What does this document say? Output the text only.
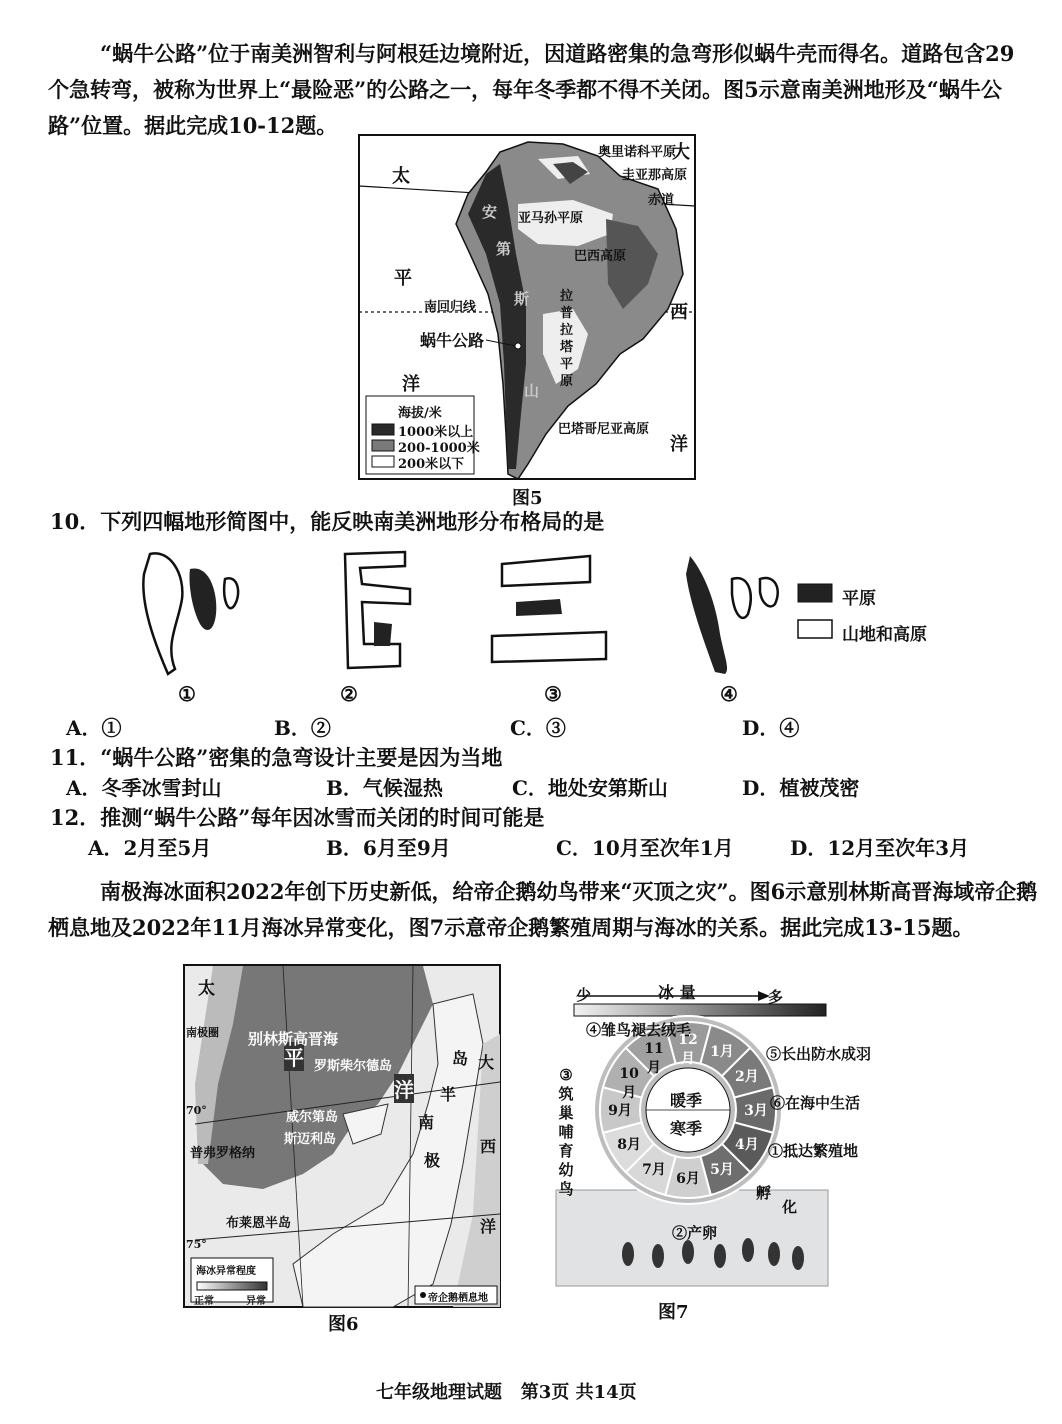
“蜗牛公路”位于南美洲智利与阿根廷边境附近，因道路密集的急弯形似蜗牛壳而得名。道路包含29个急转弯，被称为世界上“最险恶”的公路之一，每年冬季都不得不关闭。图5示意南美洲地形及“蜗牛公路”位置。据此完成10-12题。
奥里诺科平原
圭亚那高原
赤道
亚马孙平原
巴西高原
南回归线
蜗牛公路
拉普拉塔平原
巴塔哥尼亚高原
太
平
洋
大
西
洋
安
第
斯
山
海拔/米
1000米以上
200-1000米
200米以下
图5
10．下列四幅地形简图中，能反映南美洲地形分布格局的是
平原
山地和高原
①	②	③	④
A．①	B．②	C．③	D．④
11．“蜗牛公路”密集的急弯设计主要是因为当地
A．冬季冰雪封山	B．气候湿热	C．地处安第斯山	D．植被茂密
12．推测“蜗牛公路”每年因冰雪而关闭的时间可能是
A．2月至5月	B．6月至9月	C．10月至次年1月	D．12月至次年3月
南极海冰面积2022年创下历史新低，给帝企鹅幼鸟带来“灭顶之灾”。图6示意别林斯高晋海域帝企鹅栖息地及2022年11月海冰异常变化，图7示意帝企鹅繁殖周期与海冰的关系。据此完成13-15题。
太
平
洋
别林斯高晋海
罗斯柴尔德岛
威尔第岛
斯迈利岛
普弗罗格纳
布莱恩半岛
70°
75°
南极圈
南
极
半
岛 大
西
洋
海冰异常程度
正常	异常	帝企鹅栖息地
图6
少	冰 量	多
④雏鸟褪去绒毛
⑤长出防水成羽
⑥在海中生活
①抵达繁殖地
②产卵
孵
化
③
筑
巢
哺
育
幼
鸟
暖季
寒季
12月	1月
2月
3月
4月
5月
6月
7月
8月
9月
10月
11月
图7
七年级地理试题   第3页 共14页
